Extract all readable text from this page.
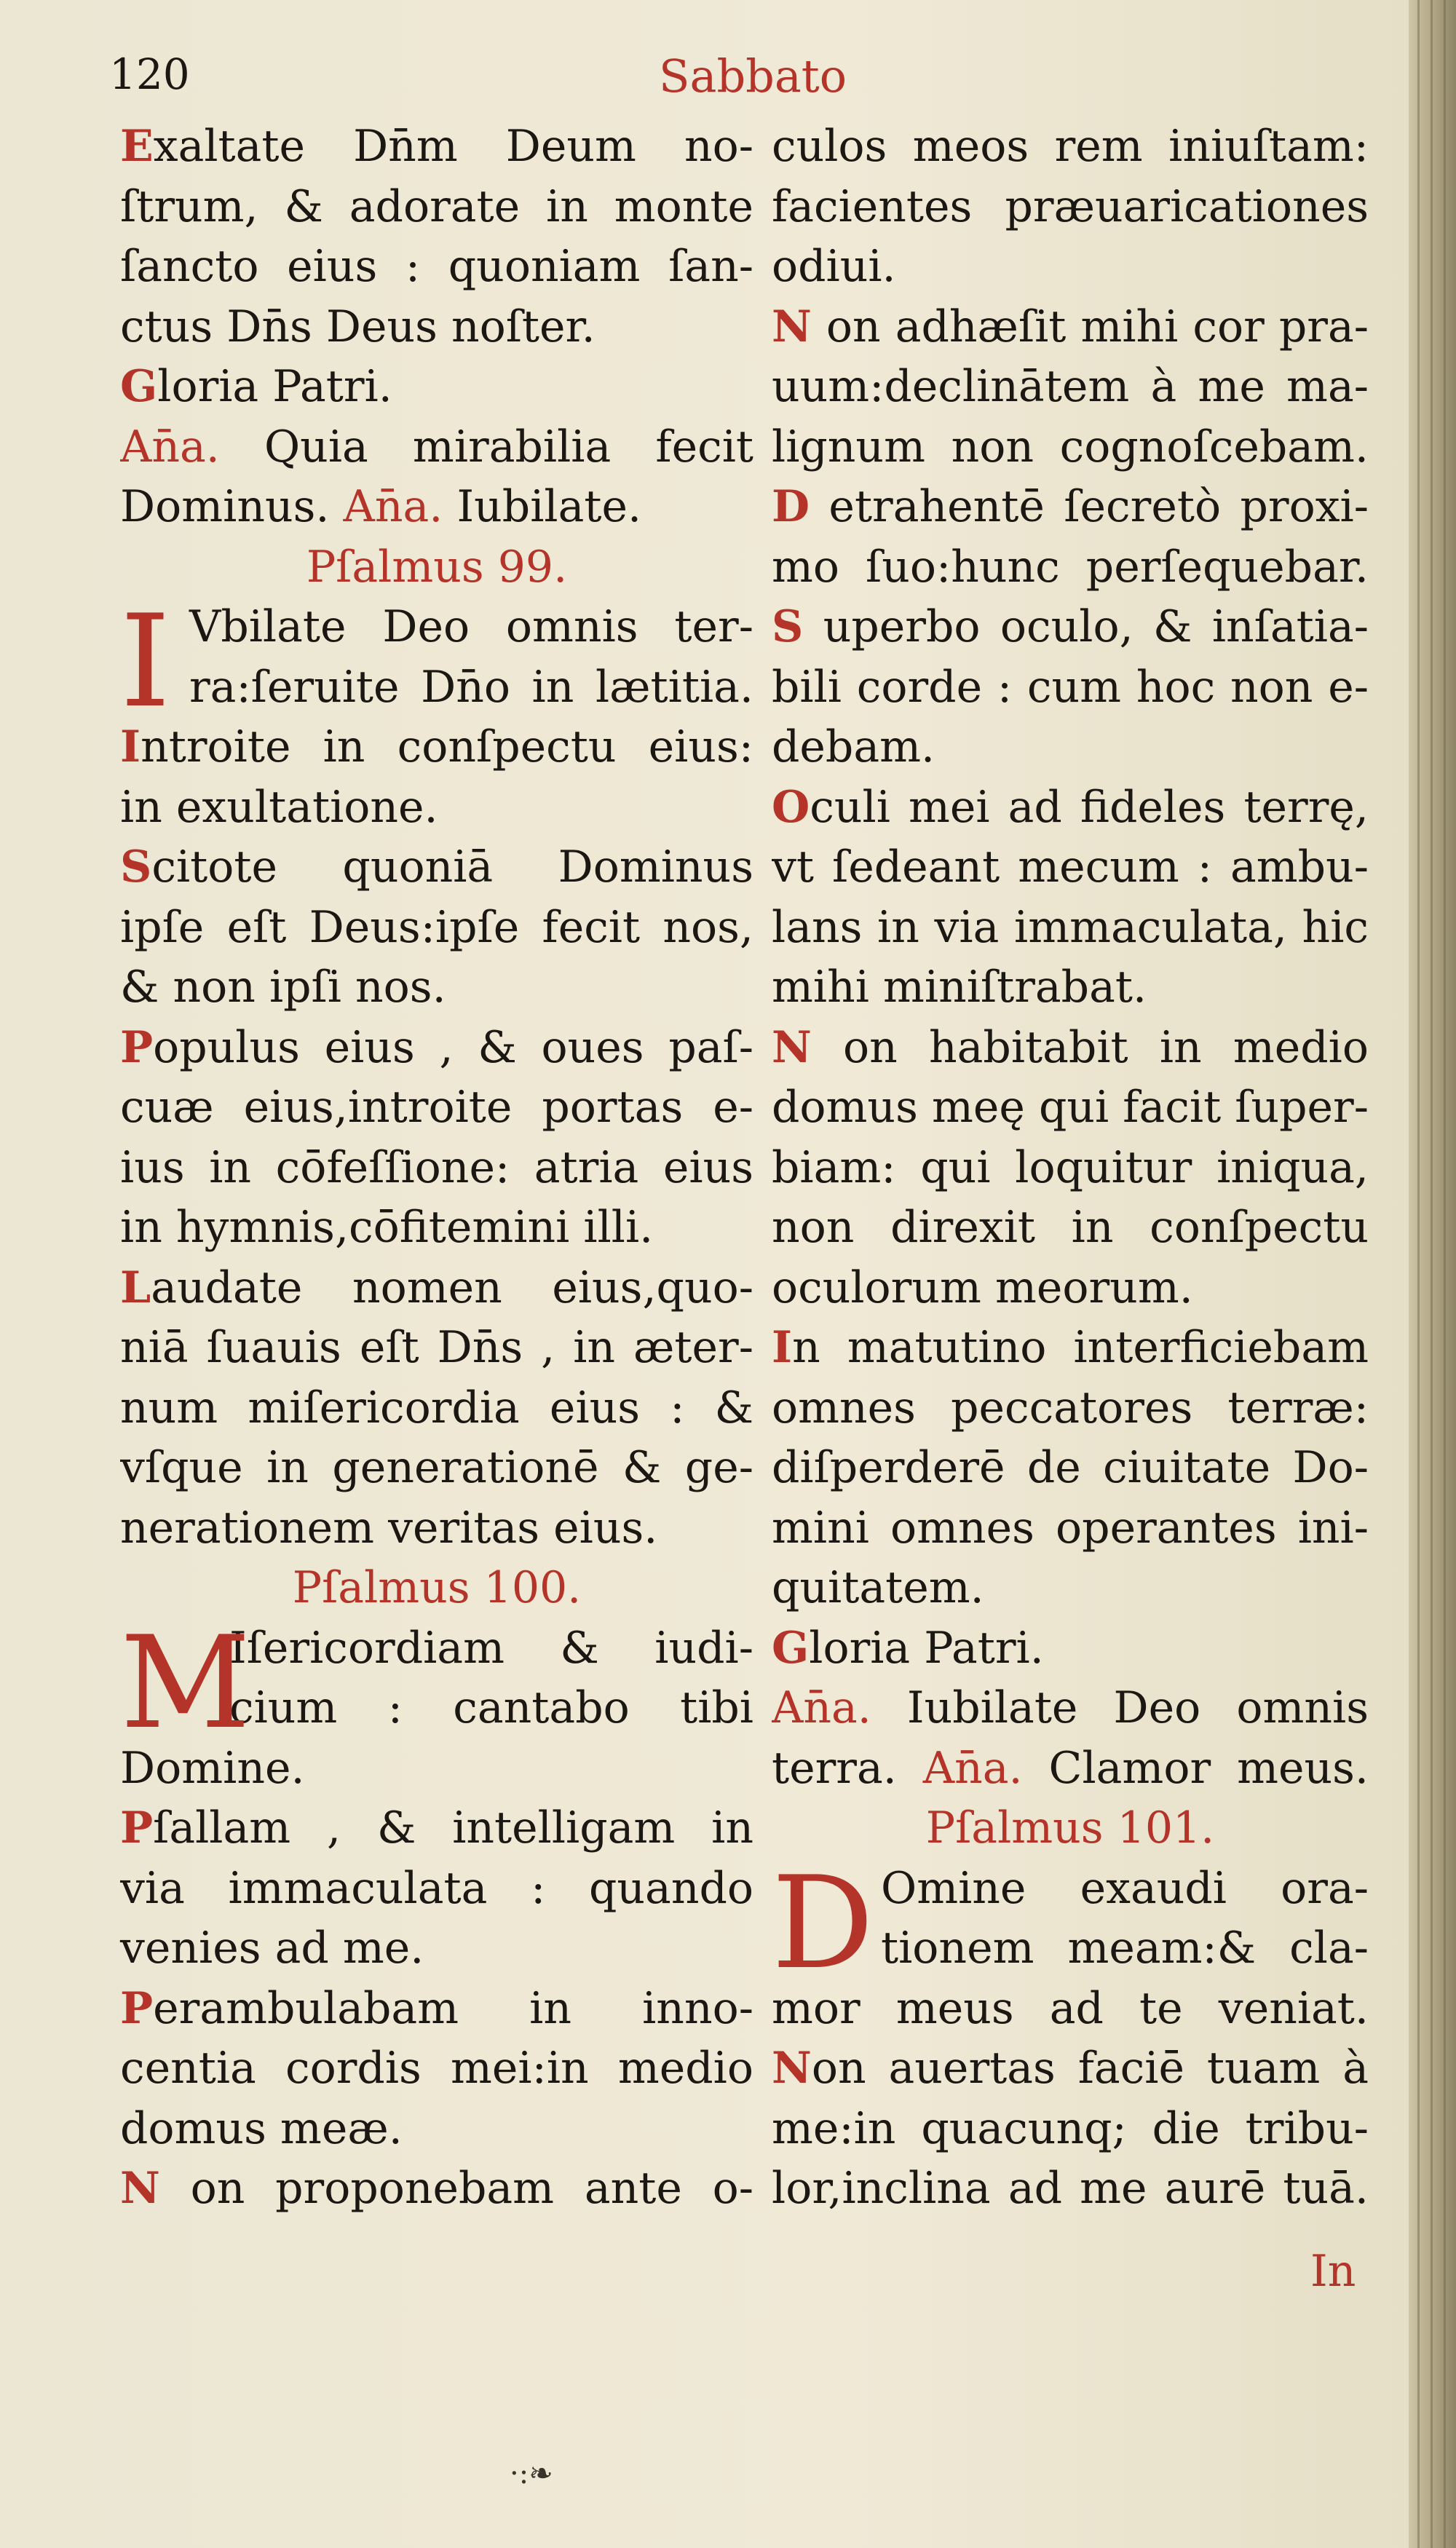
120	Sabbato
Exaltate Dn̄m Deum no-
ſtrum, & adorate in monte
ſancto eius : quoniam ſan-
ctus Dn̄s Deus noſter.
Gloria Patri.
An̄a. Quia mirabilia fecit
Dominus. An̄a. Iubilate.
Pſalmus 99.
I Vbilate Deo omnis ter-
ra:ſeruite Dn̄o in lætitia.
Introite in conſpectu eius:
in exultatione.
Scitote quoniā Dominus
ipſe eſt Deus:ipſe fecit nos,
& non ipſi nos.
Populus eius , & oues paſ-
cuæ eius,introite portas e-
ius in cōfeſſione: atria eius
in hymnis,cōfitemini illi.
Laudate nomen eius,quo-
niā ſuauis eſt Dn̄s , in æter-
num miſericordia eius : &
vſque in generationē & ge-
nerationem veritas eius.
Pſalmus 100.
M
Iſericordiam & iudi-
cium : cantabo tibi
Domine.
Pſallam , & intelligam in
via immaculata : quando
venies ad me.
Perambulabam in inno-
centia cordis mei:in medio
domus meæ.
N on proponebam ante o-
culos meos rem iniuſtam:
facientes præuaricationes
odiui.
N on adhæſit mihi cor pra-
uum:declinātem à me ma-
lignum non cognoſcebam.
D etrahentē ſecretò proxi-
mo ſuo:hunc perſequebar.
S uperbo oculo, & inſatia-
bili corde : cum hoc non e-
debam.
Oculi mei ad fideles terrę,
vt ſedeant mecum : ambu-
lans in via immaculata, hic
mihi miniſtrabat.
N on habitabit in medio
domus meę qui facit ſuper-
biam: qui loquitur iniqua,
non direxit in conſpectu
oculorum meorum.
In matutino interficiebam
omnes peccatores terræ:
diſperderē de ciuitate Do-
mini omnes operantes ini-
quitatem.
Gloria Patri.
An̄a. Iubilate Deo omnis
terra. An̄a. Clamor meus.
Pſalmus 101.
D Omine exaudi ora-
tionem meam:& cla-
mor meus ad te veniat.
Non auertas faciē tuam à
me:in quacunq; die tribu-
lor,inclina ad me aurē tuā.
In
·:❧
